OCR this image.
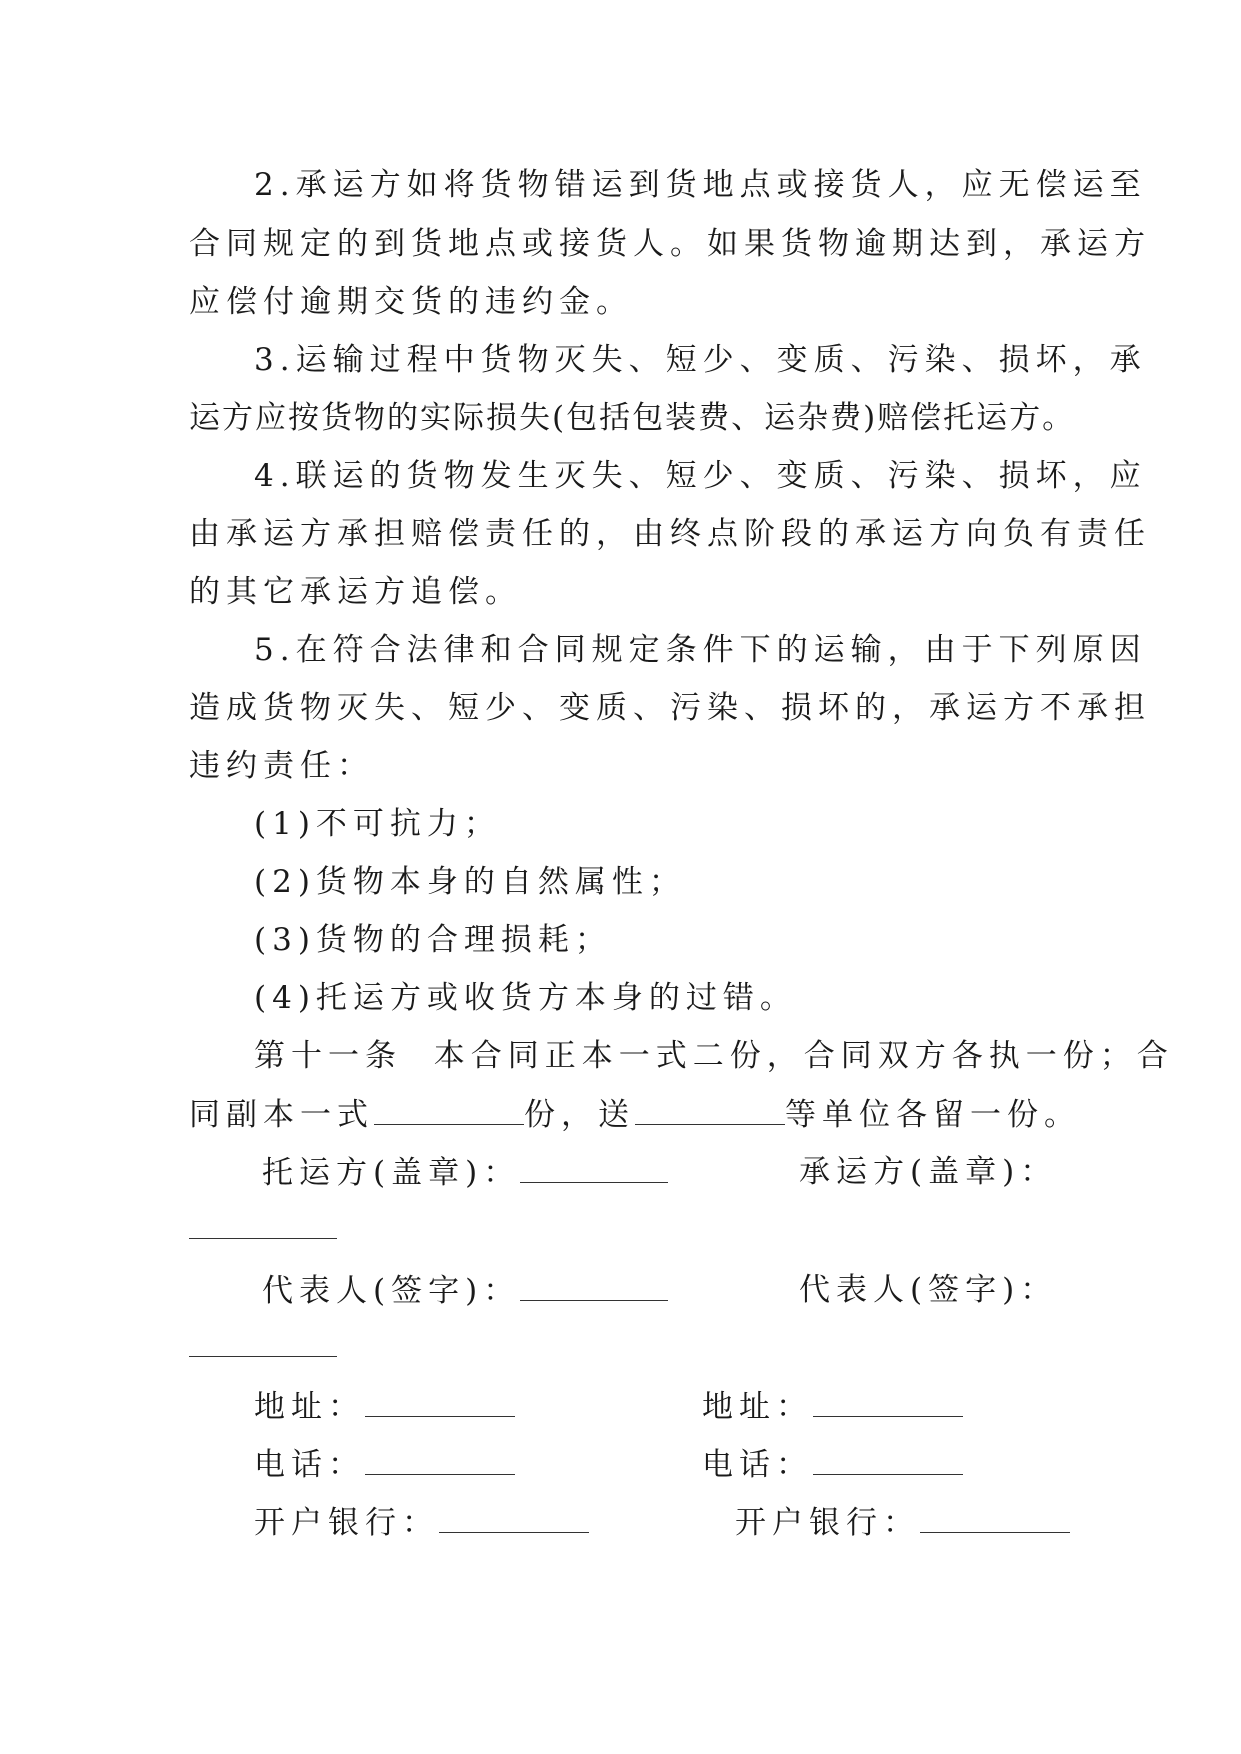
2.承运方如将货物错运到货地点或接货人，应无偿运至
合同规定的到货地点或接货人。如果货物逾期达到，承运方
应偿付逾期交货的违约金。
3.运输过程中货物灭失、短少、变质、污染、损坏，承
运方应按货物的实际损失(包括包装费、运杂费)赔偿托运方。
4.联运的货物发生灭失、短少、变质、污染、损坏，应
由承运方承担赔偿责任的，由终点阶段的承运方向负有责任
的其它承运方追偿。
5.在符合法律和合同规定条件下的运输，由于下列原因
造成货物灭失、短少、变质、污染、损坏的，承运方不承担
违约责任：
(1)不可抗力；
(2)货物本身的自然属性；
(3)货物的合理损耗；
(4)托运方或收货方本身的过错。
第十一条  本合同正本一式二份，合同双方各执一份；合
同副本一式	份，送	等单位各留一份。
托运方(盖章)：	承运方(盖章)：
代表人(签字)：	代表人(签字)：
地址：	地址：
电话：	电话：
开户银行：	开户银行：
